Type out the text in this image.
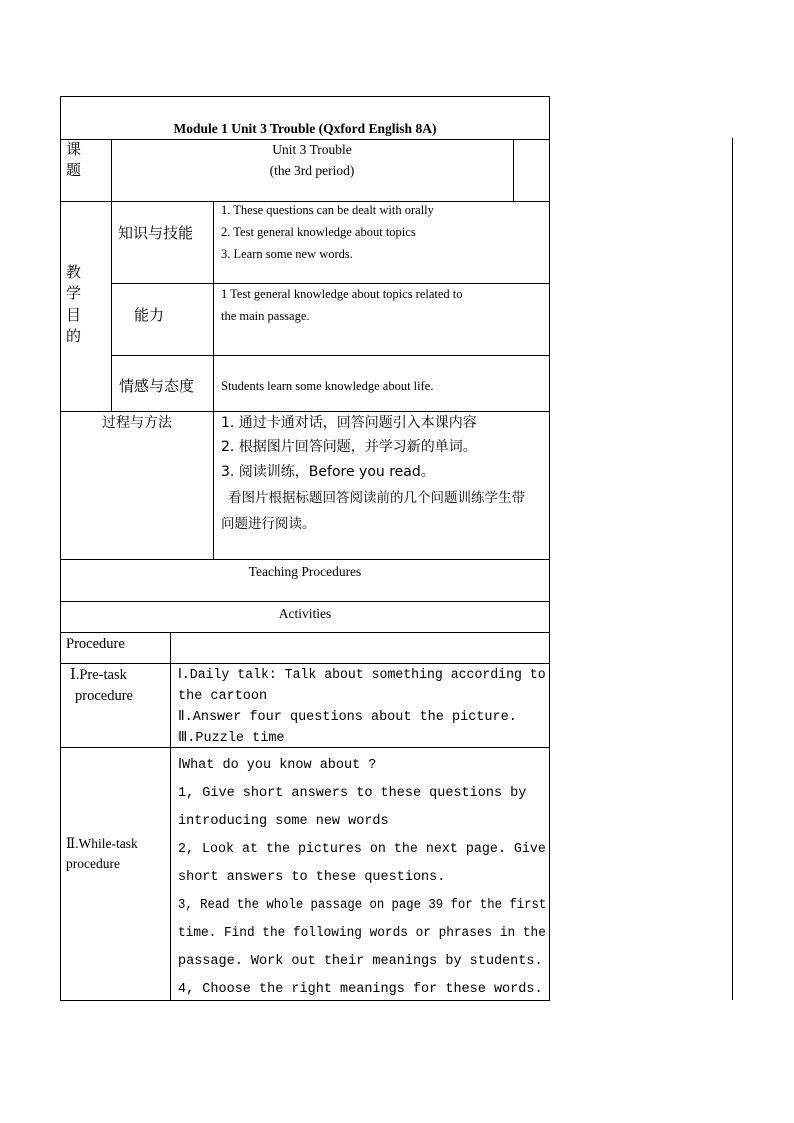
Module 1 Unit 3 Trouble (Qxford English 8A)
课
题
Unit 3 Trouble
(the 3rd period)
教
学
目
的
知识与技能
1. These questions can be dealt with orally
2. Test general knowledge about topics
3. Learn some new words.
能力
1 Test general knowledge about topics related to
the main passage.
情感与态度 Students learn some knowledge about life.
过程与方法	1. 通过卡通对话，回答问题引入本课内容
2. 根据图片回答问题，并学习新的单词。
3. 阅读训练，Before you read。
看图片根据标题回答阅读前的几个问题训练学生带
问题进行阅读。
Teaching Procedures
Activities
Procedure
Ⅰ.Pre-task
procedure
Ⅰ.Daily talk: Talk about something according to
the cartoon
Ⅱ.Answer four questions about the picture.
Ⅲ.Puzzle time
Ⅱ.While-task
procedure
ⅠWhat do you know about ?
1, Give short answers to these questions by
introducing some new words
2, Look at the pictures on the next page. Give
short answers to these questions.
3, Read the whole passage on page 39 for the first
time. Find the following words or phrases in the
passage. Work out their meanings by students.
4, Choose the right meanings for these words.
